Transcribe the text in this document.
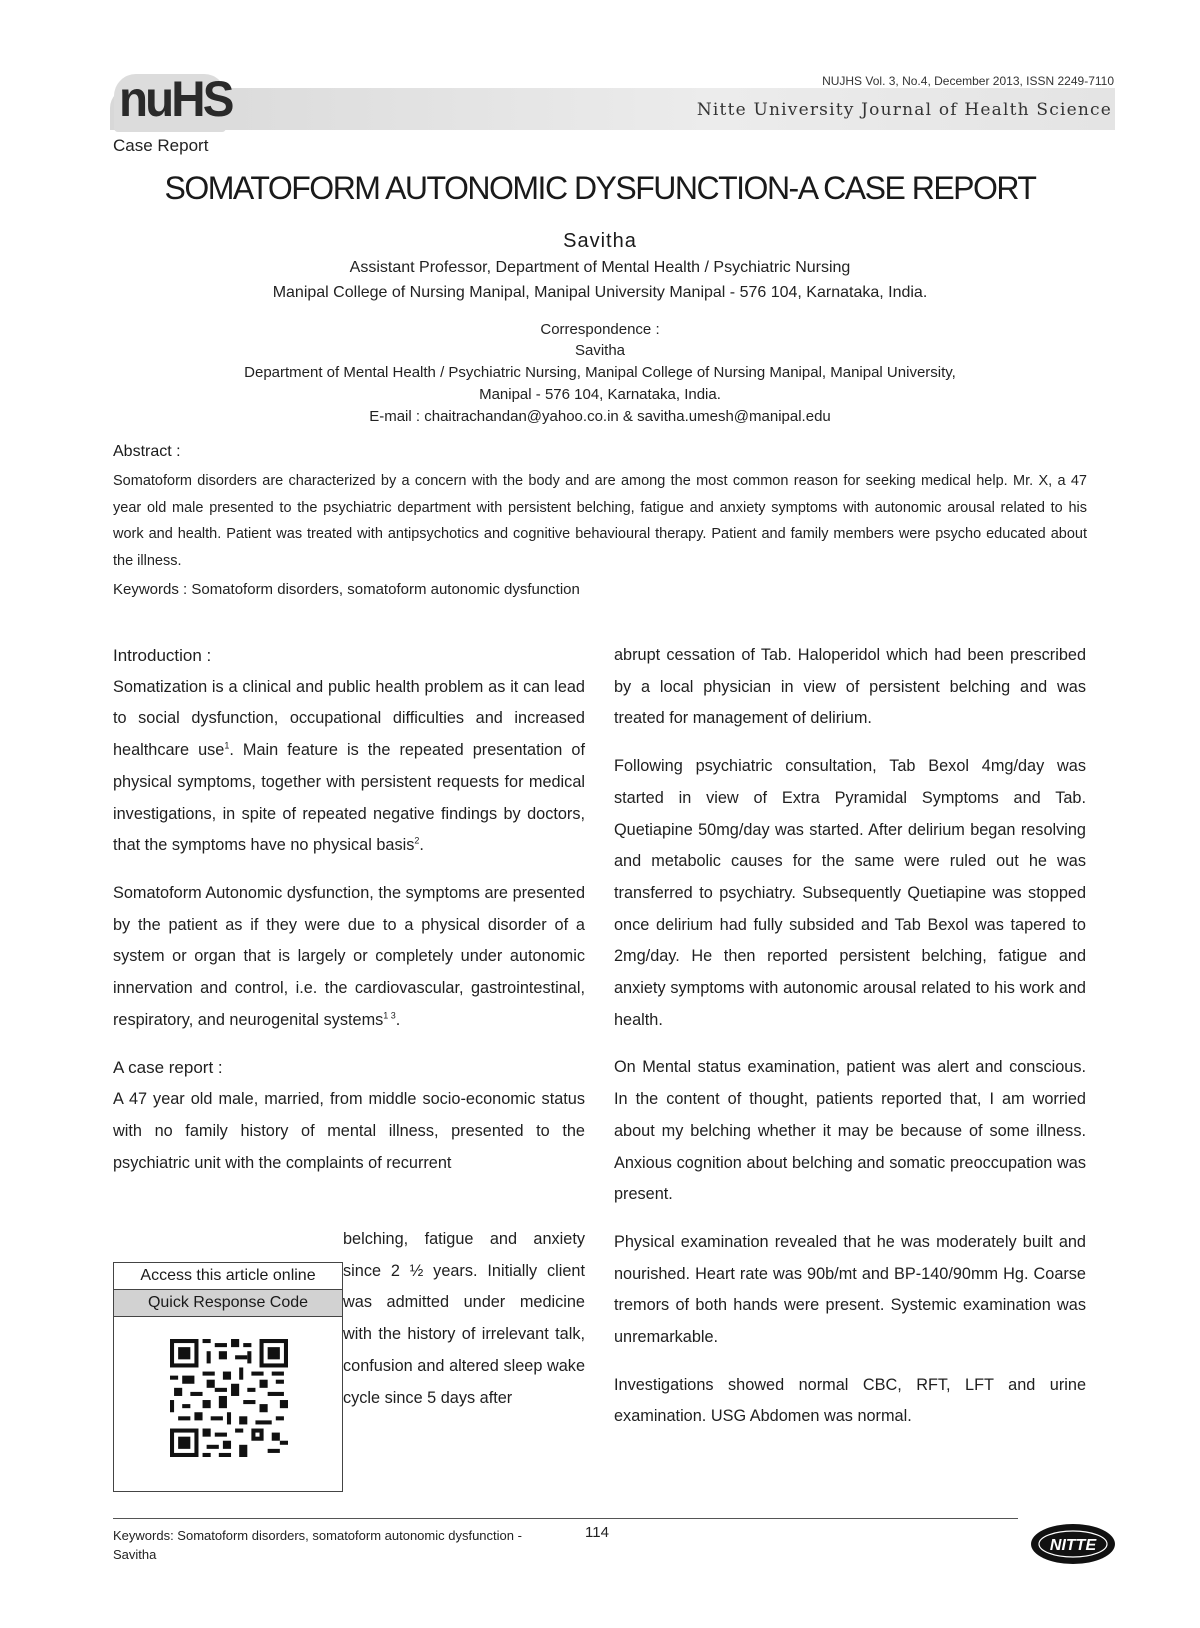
nuHS	NUJHS Vol. 3, No.4, December 2013, ISSN 2249-7110
Nitte University Journal of Health Science
Case Report
SOMATOFORM AUTONOMIC DYSFUNCTION-A CASE REPORT
Savitha
Assistant Professor, Department of Mental Health / Psychiatric Nursing
Manipal College of Nursing Manipal, Manipal University Manipal - 576 104, Karnataka, India.
Correspondence :
Savitha
Department of Mental Health / Psychiatric Nursing, Manipal College of Nursing Manipal, Manipal University,
Manipal - 576 104, Karnataka, India.
E-mail : chaitrachandan@yahoo.co.in & savitha.umesh@manipal.edu
Abstract :
Somatoform disorders are characterized by a concern with the body and are among the most common reason for seeking medical help. Mr. X, a 47 year old male presented to the psychiatric department with persistent belching, fatigue and anxiety symptoms with autonomic arousal related to his work and health. Patient was treated with antipsychotics and cognitive behavioural therapy. Patient and family members were psycho educated about the illness.
Keywords : Somatoform disorders, somatoform autonomic dysfunction

Introduction :

Somatization is a clinical and public health problem as it can lead to social dysfunction, occupational difficulties and increased healthcare use$^1$. Main feature is the repeated presentation of physical symptoms, together with persistent requests for medical investigations, in spite of repeated negative findings by doctors, that the symptoms have no physical basis$^2$.

Somatoform Autonomic dysfunction, the symptoms are presented by the patient as if they were due to a physical disorder of a system or organ that is largely or completely under autonomic innervation and control, i.e. the cardiovascular, gastrointestinal, respiratory, and neurogenital systems$^{1 3}$.

A case report :

A 47 year old male, married, from middle socio-economic status with no family history of mental illness, presented to the psychiatric unit with the complaints of recurrent

Access this article online
Quick Response Code

belching, fatigue and anxiety since 2 ½ years. Initially client was admitted under medicine with the history of irrelevant talk, confusion and altered sleep wake cycle since 5 days after

abrupt cessation of Tab. Haloperidol which had been prescribed by a local physician in view of persistent belching and was treated for management of delirium.

Following psychiatric consultation, Tab Bexol 4mg/day was started in view of Extra Pyramidal Symptoms and Tab. Quetiapine 50mg/day was started. After delirium began resolving and metabolic causes for the same were ruled out he was transferred to psychiatry. Subsequently Quetiapine was stopped once delirium had fully subsided and Tab Bexol was tapered to 2mg/day. He then reported persistent belching, fatigue and anxiety symptoms with autonomic arousal related to his work and health.

On Mental status examination, patient was alert and conscious. In the content of thought, patients reported that, I am worried about my belching whether it may be because of some illness. Anxious cognition about belching and somatic preoccupation was present.

Physical examination revealed that he was moderately built and nourished. Heart rate was 90b/mt and BP-140/90mm Hg. Coarse tremors of both hands were present. Systemic examination was unremarkable.

Investigations showed normal CBC, RFT, LFT and urine examination. USG Abdomen was normal.

Keywords: Somatoform disorders, somatoform autonomic dysfunction - Savitha
114
NITTE
